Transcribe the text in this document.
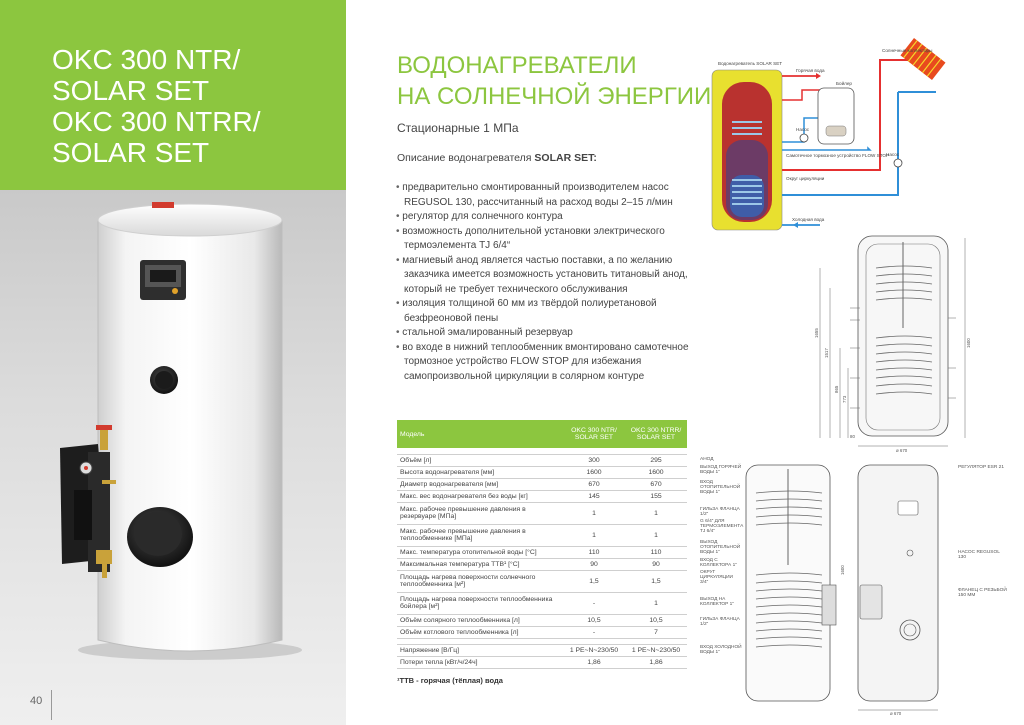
OKC 300 NTR/
SOLAR SET
OKC 300 NTRR/
SOLAR SET
40
ВОДОНАГРЕВАТЕЛИ
НА СОЛНЕЧНОЙ ЭНЕРГИИ
Стационарные 1 МПа
Описание водонагревателя SOLAR SET:
• предварительно смонтированный производителем насос REGUSOL 130, рассчитанный на расход воды 2–15 л/мин
• регулятор для солнечного контура
• возможность дополнительной установки электрического термоэлемента TJ 6/4“
• магниевый анод является частью поставки, а по желанию заказчика имеется возможность установить титановый анод, который не требует технического обслуживания
• изоляция толщиной 60 мм из твёрдой полиуретановой безфреоновой пены
• стальной эмалированный резервуар
• во входе в нижний теплообменник вмонтировано самотечное тормозное устройство FLOW STOP для избежания самопроизвольной циркуляции в солярном контуре
Модель	OKC 300 NTR/ SOLAR SET	OKC 300 NTRR/ SOLAR SET

Объём [л]	300	295
Высота водонагревателя [мм]	1600	1600
Диаметр водонагревателя [мм]	670	670
Макс. вес водонагревателя без воды [кг]	145	155
Макс. рабочее превышение давления в резервуаре [МПа]	1	1
Макс. рабочее превышение давления в теплообменнике [МПа]	1	1
Макс. температура отопительной воды [°C]	110	110
Максимальная температура ТТВ¹ [°C]	90	90
Площадь нагрева поверхности солнечного теплообменника [м²]	1,5	1,5
Площадь нагрева поверхности теплообменника бойлера [м²]	-	1
Объём солярного теплообменника [л]	10,5	10,5
Объём котлового теплообменника [л]	-	7

Напряжение [В/Гц]	1 PE~N~230/50	1 PE~N~230/50
Потери тепла [кВт/ч/24ч]	1,86	1,86
¹ТТВ - горячая (тёплая) вода
Водонагреватель SOLAR SET
Солнечные коллекторы
Горячая вода
Бойлер
Насос
Насос
Самотечное тормозное устройство FLOW STOP
Округ циркуляции
Холодная вода
1655
1517
865
773
80
1600
ø 670
ø 670
1600
АНОД
ВЫХОД ГОРЯЧЕЙ ВОДЫ 1“
ВХОД ОТОПИТЕЛЬНОЙ ВОДЫ 1“
ГИЛЬЗА ФЛАНЦА 1/2“
G 6/4“ ДЛЯ ТЕРМОЭЛЕМЕНТА TJ 6/4“
ВЫХОД ОТОПИТЕЛЬНОЙ ВОДЫ 1“
ВХОД С КОЛЛЕКТОРА 1“
ОКРУГ ЦИРКУЛЯЦИИ 3/4“
ВЫХОД НА КОЛЛЕКТОР 1“
ГИЛЬЗА ФЛАНЦА 1/2“
ВХОД ХОЛОДНОЙ ВОДЫ 1“
РЕГУЛЯТОР ESR 21
НАСОС REGUSOL 130
ФЛАНЕЦ С РЕЗЬБОЙ 150 ММ
